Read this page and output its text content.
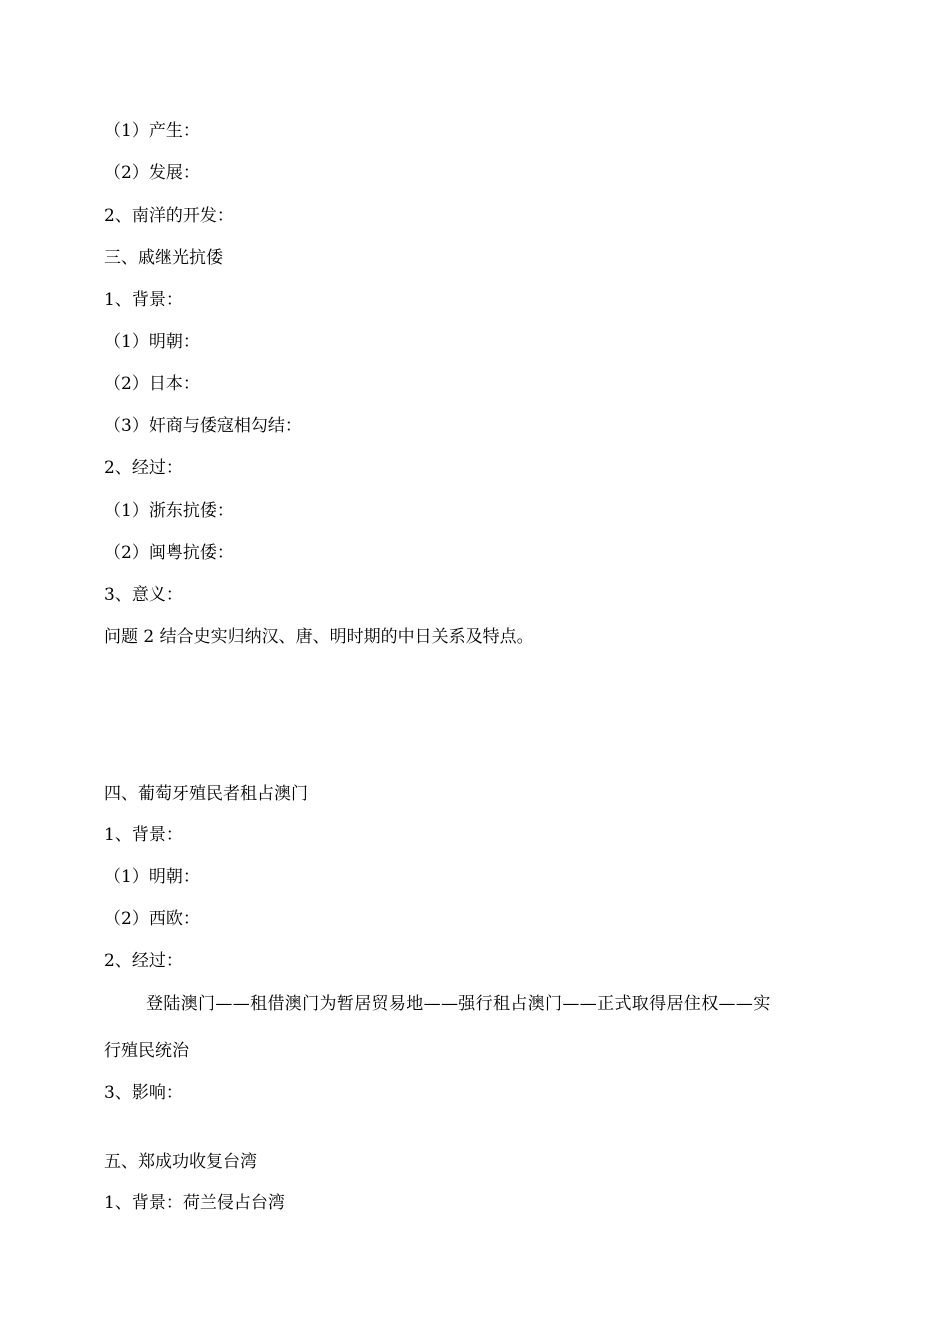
（1）产生：
（2）发展：
2、南洋的开发：
三、戚继光抗倭
1、背景：
（1）明朝：
（2）日本：
（3）奸商与倭寇相勾结：
2、经过：
（1）浙东抗倭：
（2）闽粤抗倭：
3、意义：
问题 2 结合史实归纳汉、唐、明时期的中日关系及特点。
四、葡萄牙殖民者租占澳门
1、背景：
（1）明朝：
（2）西欧：
2、经过：
登陆澳门——租借澳门为暂居贸易地——强行租占澳门——正式取得居住权——实
行殖民统治
3、影响：
五、郑成功收复台湾
1、背景：荷兰侵占台湾
